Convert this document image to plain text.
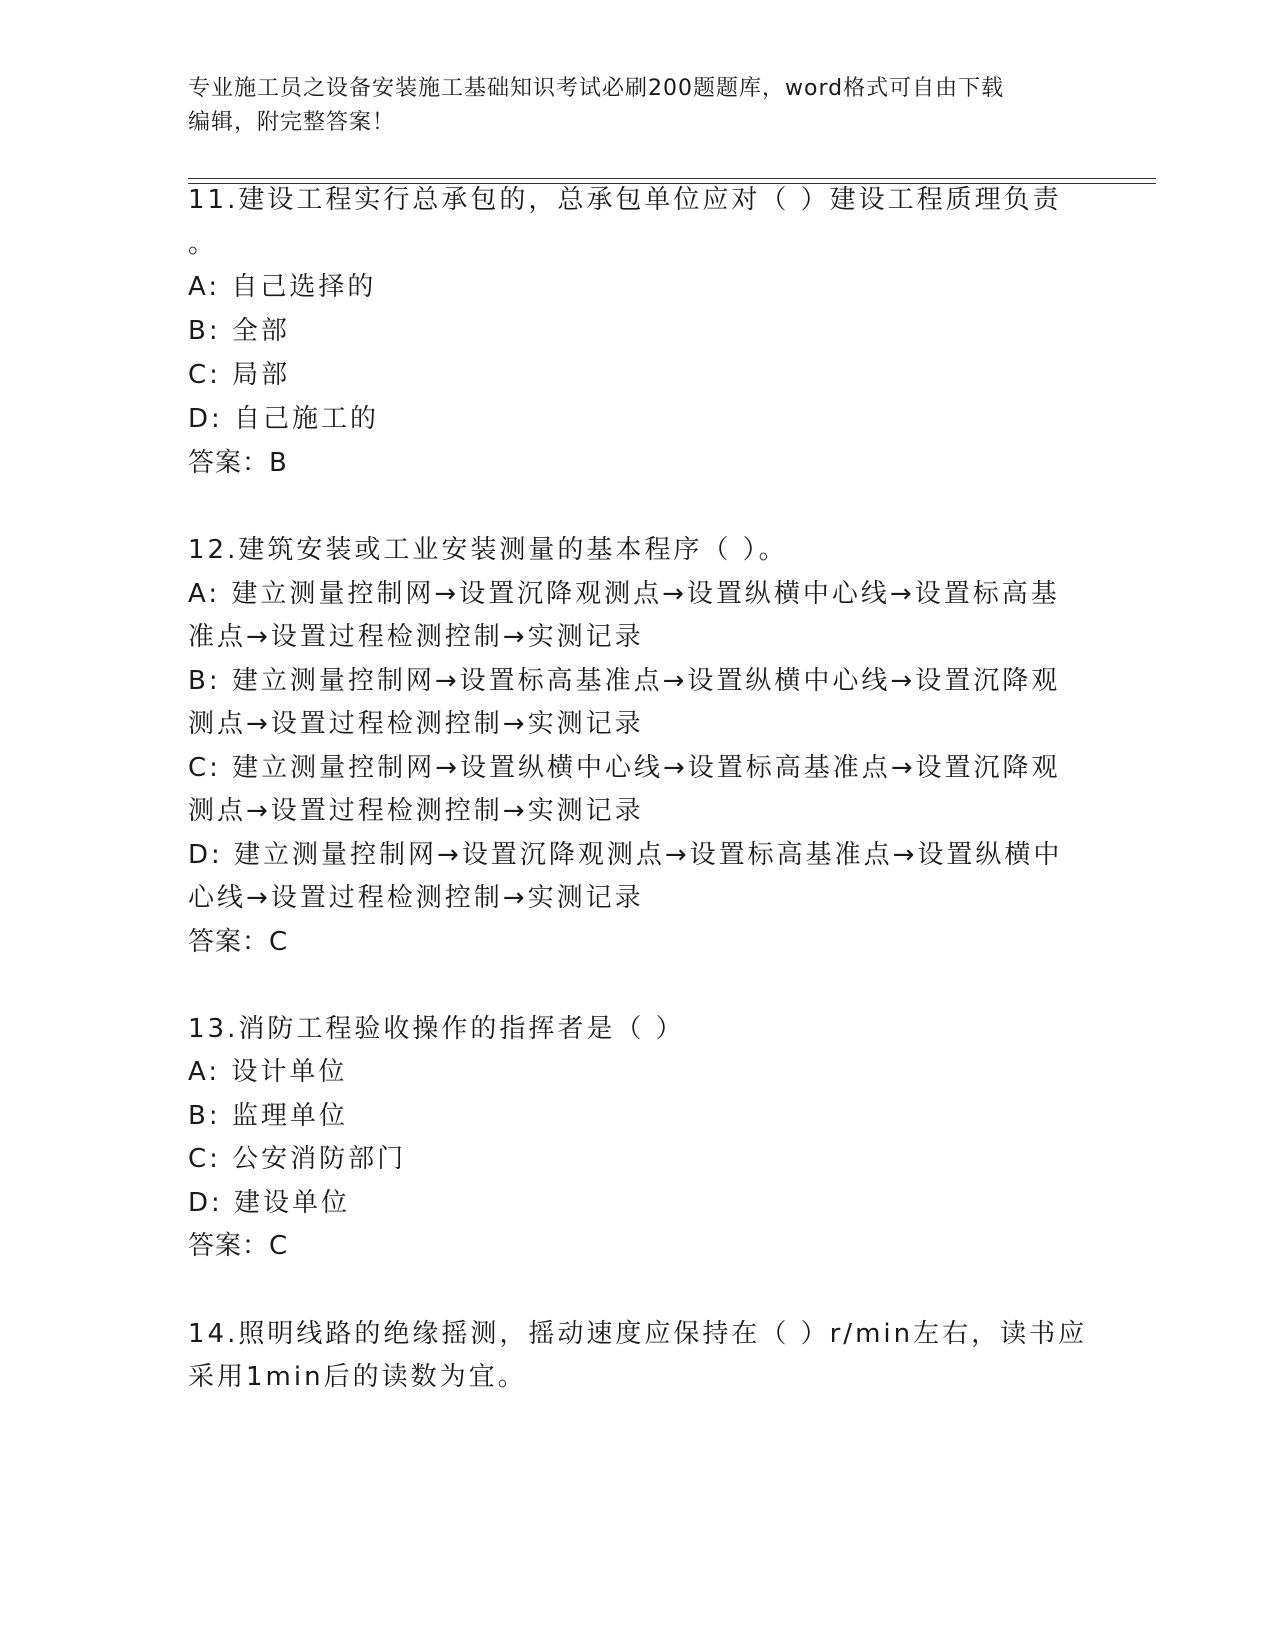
专业施工员之设备安装施工基础知识考试必刷200题题库，word格式可自由下载
编辑，附完整答案！
11.建设工程实行总承包的，总承包单位应对（ ）建设工程质理负责
。
A: 自己选择的
B: 全部
C: 局部
D: 自己施工的
答案：B
12.建筑安装或工业安装测量的基本程序（ ）。
A: 建立测量控制网→设置沉降观测点→设置纵横中心线→设置标高基
准点→设置过程检测控制→实测记录
B: 建立测量控制网→设置标高基准点→设置纵横中心线→设置沉降观
测点→设置过程检测控制→实测记录
C: 建立测量控制网→设置纵横中心线→设置标高基准点→设置沉降观
测点→设置过程检测控制→实测记录
D: 建立测量控制网→设置沉降观测点→设置标高基准点→设置纵横中
心线→设置过程检测控制→实测记录
答案：C
13.消防工程验收操作的指挥者是（ ）
A: 设计单位
B: 监理单位
C: 公安消防部门
D: 建设单位
答案：C
14.照明线路的绝缘摇测，摇动速度应保持在（ ）r/min左右，读书应
采用1min后的读数为宜。
